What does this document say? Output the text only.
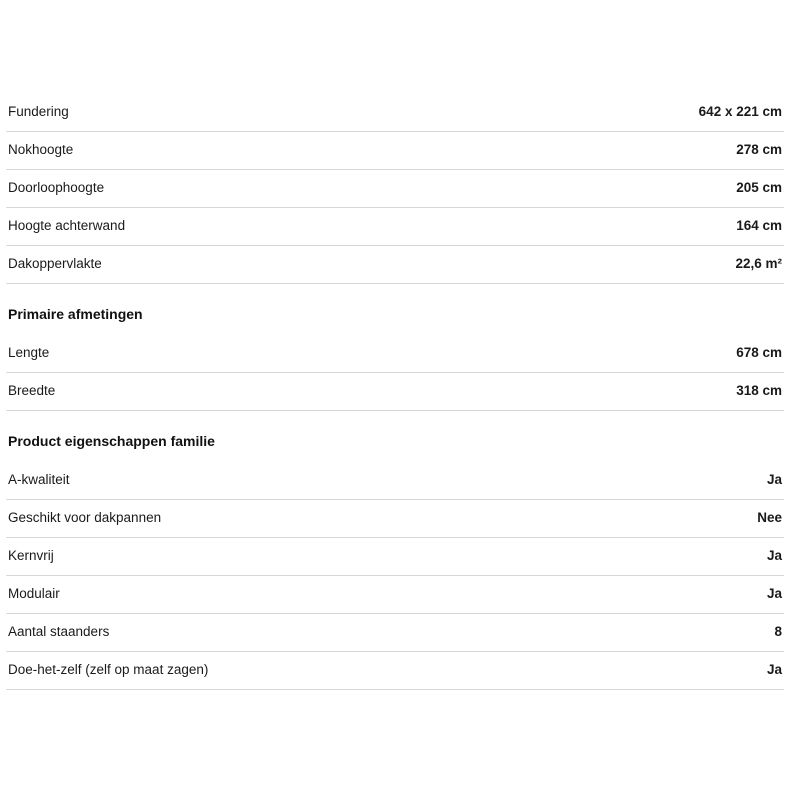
Fundering	642 x 221 cm
Nokhoogte	278 cm
Doorloophoogte	205 cm
Hoogte achterwand	164 cm
Dakoppervlakte	22,6 m²
Primaire afmetingen
Lengte	678 cm
Breedte	318 cm
Product eigenschappen familie
A-kwaliteit	Ja
Geschikt voor dakpannen	Nee
Kernvrij	Ja
Modulair	Ja
Aantal staanders	8
Doe-het-zelf (zelf op maat zagen)	Ja
